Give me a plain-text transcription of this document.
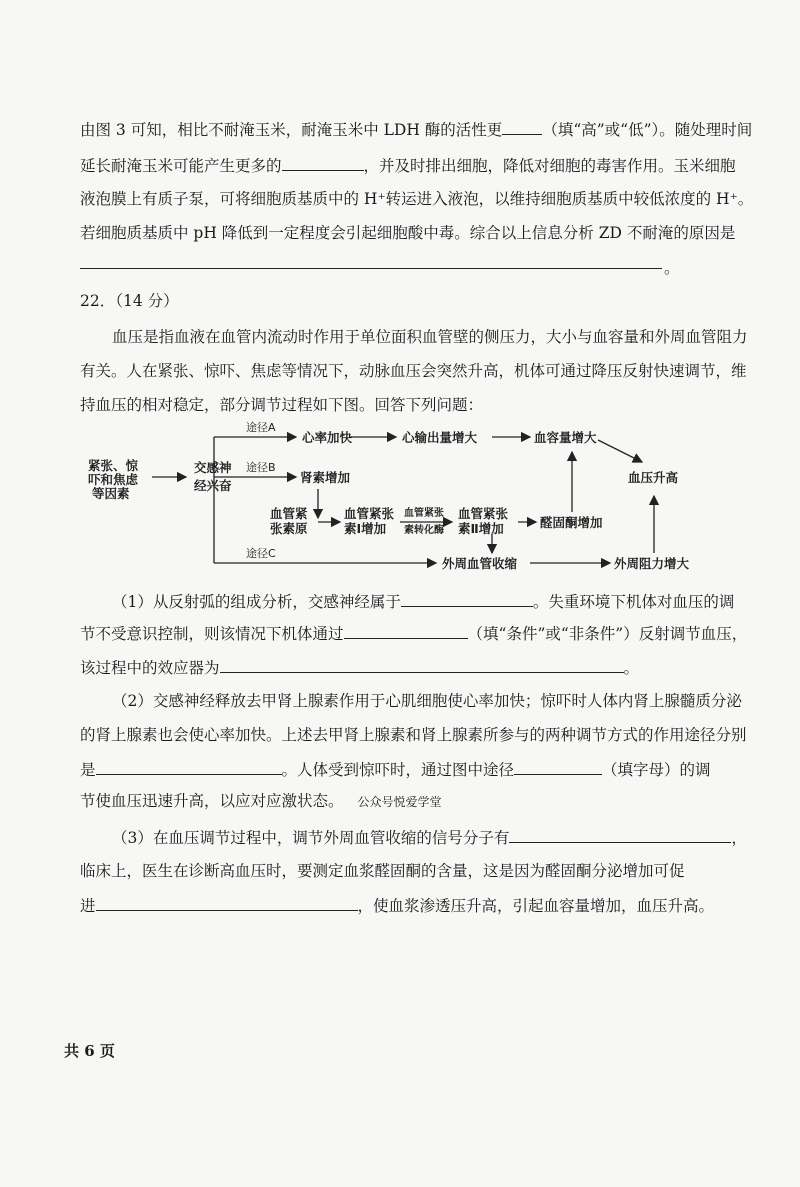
由图 3 可知，相比不耐淹玉米，耐淹玉米中 LDH 酶的活性更	（填“高”或“低”）。随处理时间
延长耐淹玉米可能产生更多的	，并及时排出细胞，降低对细胞的毒害作用。玉米细胞
液泡膜上有质子泵，可将细胞质基质中的 H⁺转运进入液泡，以维持细胞质基质中较低浓度的 H⁺。
若细胞质基质中 pH 降低到一定程度会引起细胞酸中毒。综合以上信息分析 ZD 不耐淹的原因是
。
22．（14 分）
血压是指血液在血管内流动时作用于单位面积血管壁的侧压力，大小与血容量和外周血管阻力
有关。人在紧张、惊吓、焦虑等情况下，动脉血压会突然升高，机体可通过降压反射快速调节，维
持血压的相对稳定，部分调节过程如下图。回答下列问题：
紧张、惊
吓和焦虑
等因素
交感神
经兴奋
途径A
途径B
途径C
心率加快	心输出量增大	血容量增大
血压升高
肾素增加
血管紧
张素原
血管紧张
素Ⅰ增加
血管紧张
素转化酶
血管紧张
素Ⅱ增加	醛固酮增加
外周血管收缩	外周阻力增大
（1）从反射弧的组成分析，交感神经属于	。失重环境下机体对血压的调
节不受意识控制，则该情况下机体通过	（填“条件”或“非条件”）反射调节血压，
该过程中的效应器为	。
（2）交感神经释放去甲肾上腺素作用于心肌细胞使心率加快；惊吓时人体内肾上腺髓质分泌
的肾上腺素也会使心率加快。上述去甲肾上腺素和肾上腺素所参与的两种调节方式的作用途径分别
是	。人体受到惊吓时，通过图中途径	（填字母）的调
节使血压迅速升高，以应对应激状态。 公众号悦爱学堂
（3）在血压调节过程中，调节外周血管收缩的信号分子有	，
临床上，医生在诊断高血压时，要测定血浆醛固酮的含量，这是因为醛固酮分泌增加可促
进	，使血浆渗透压升高，引起血容量增加，血压升高。
共 6 页
